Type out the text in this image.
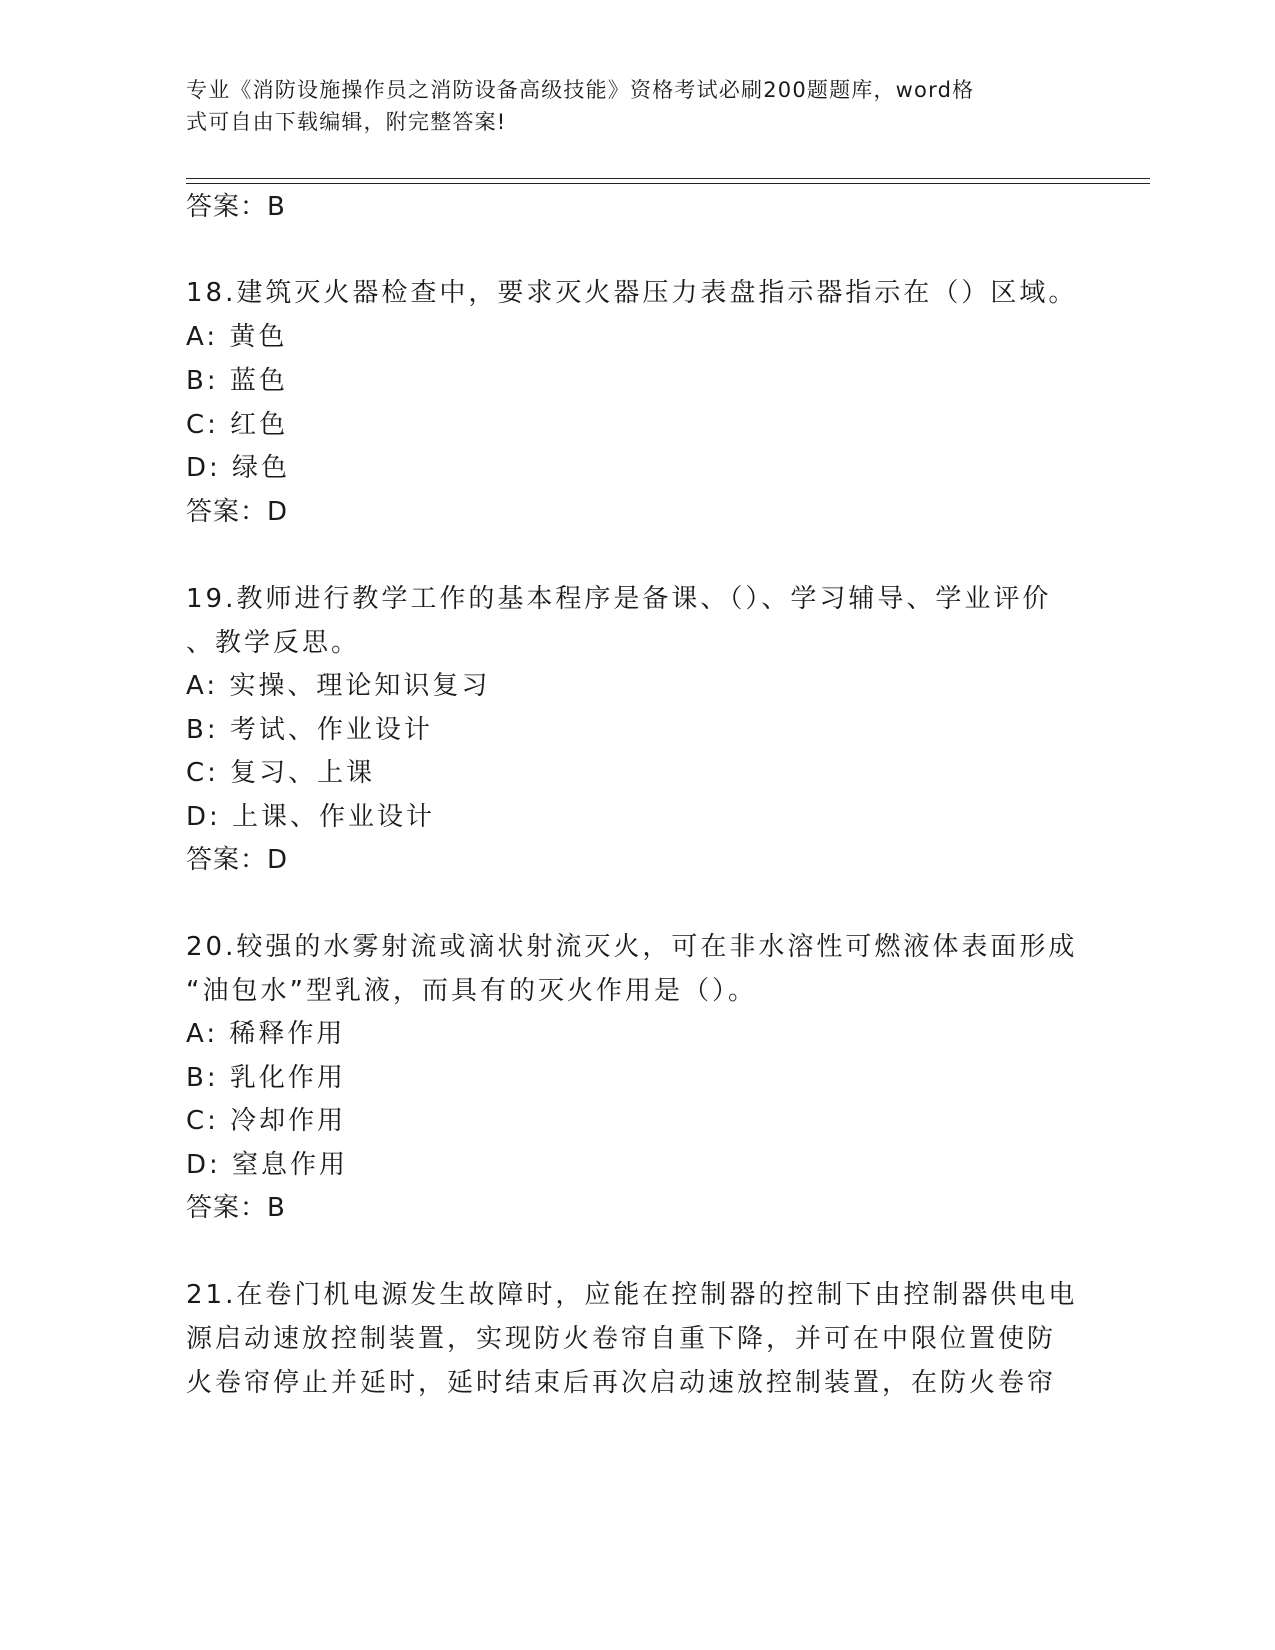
专业《消防设施操作员之消防设备高级技能》资格考试必刷200题题库，word格
式可自由下载编辑，附完整答案!
答案：B
18.建筑灭火器检查中，要求灭火器压力表盘指示器指示在（）区域。
A: 黄色
B: 蓝色
C: 红色
D: 绿色
答案：D
19.教师进行教学工作的基本程序是备课、（）、学习辅导、学业评价
、教学反思。
A: 实操、理论知识复习
B: 考试、作业设计
C: 复习、上课
D: 上课、作业设计
答案：D
20.较强的水雾射流或滴状射流灭火，可在非水溶性可燃液体表面形成
“油包水”型乳液，而具有的灭火作用是（）。
A: 稀释作用
B: 乳化作用
C: 冷却作用
D: 窒息作用
答案：B
21.在卷门机电源发生故障时，应能在控制器的控制下由控制器供电电
源启动速放控制装置，实现防火卷帘自重下降，并可在中限位置使防
火卷帘停止并延时，延时结束后再次启动速放控制装置，在防火卷帘
